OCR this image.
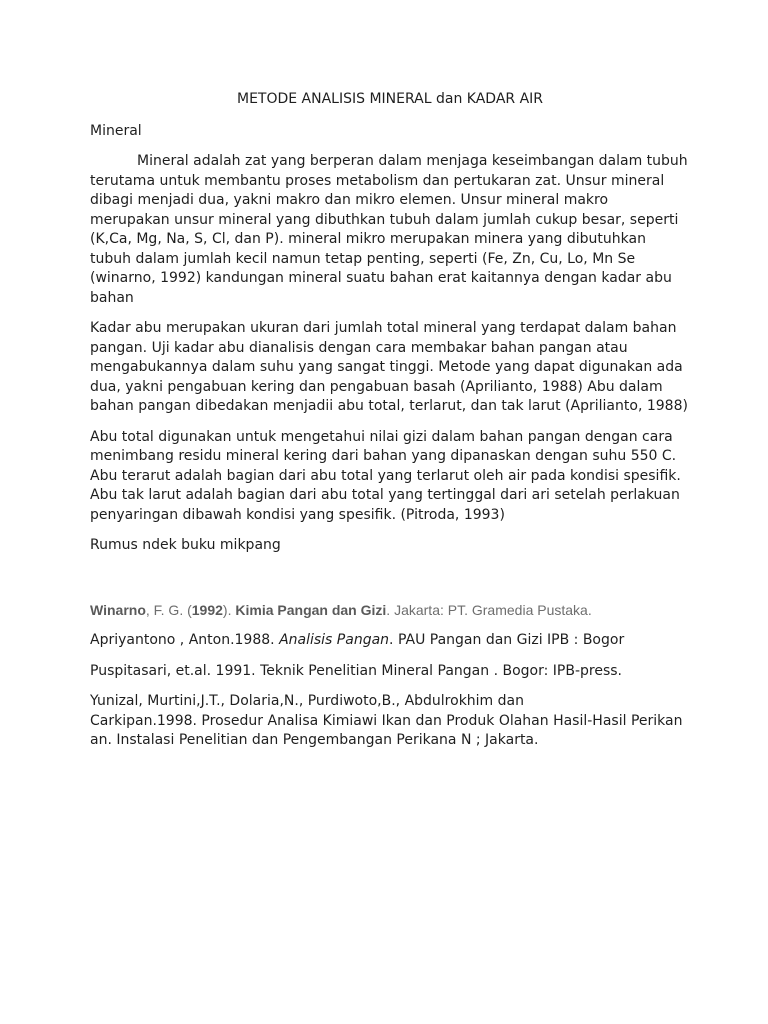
METODE ANALISIS MINERAL dan KADAR AIR

Mineral

Mineral adalah zat yang berperan dalam menjaga keseimbangan dalam tubuh terutama untuk membantu proses metabolism dan pertukaran zat. Unsur mineral dibagi menjadi dua, yakni makro dan mikro elemen. Unsur mineral makro merupakan unsur mineral yang dibuthkan tubuh dalam jumlah cukup besar, seperti (K,Ca, Mg, Na, S, Cl, dan P). mineral mikro merupakan minera yang dibutuhkan tubuh dalam jumlah kecil namun tetap penting, seperti (Fe, Zn, Cu, Lo, Mn Se (winarno, 1992) kandungan mineral suatu bahan erat kaitannya dengan kadar abu bahan

Kadar abu merupakan ukuran dari jumlah total mineral yang terdapat dalam bahan pangan. Uji kadar abu dianalisis dengan cara membakar bahan pangan atau mengabukannya dalam suhu yang sangat tinggi. Metode yang dapat digunakan ada dua, yakni pengabuan kering dan pengabuan basah (Aprilianto, 1988) Abu dalam bahan pangan dibedakan menjadii abu total, terlarut, dan tak larut (Aprilianto, 1988)

Abu total digunakan untuk mengetahui nilai gizi dalam bahan pangan dengan cara menimbang residu mineral kering dari bahan yang dipanaskan dengan suhu 550 C. Abu terarut adalah bagian dari abu total yang terlarut oleh air pada kondisi spesifik. Abu tak larut adalah bagian dari abu total yang tertinggal dari ari setelah perlakuan penyaringan dibawah kondisi yang spesifik. (Pitroda, 1993)

Rumus ndek buku mikpang

Winarno, F. G. (1992). Kimia Pangan dan Gizi. Jakarta: PT. Gramedia Pustaka.

Apriyantono , Anton.1988. Analisis Pangan. PAU Pangan dan Gizi IPB : Bogor

Puspitasari, et.al. 1991. Teknik Penelitian Mineral Pangan . Bogor: IPB-press.

Yunizal, Murtini,J.T., Dolaria,N., Purdiwoto,B., Abdulrokhim dan
Carkipan.1998. Prosedur Analisa Kimiawi Ikan dan Produk Olahan Hasil-Hasil Perikanan. Instalasi Penelitian dan Pengembangan Perikana N ; Jakarta.
